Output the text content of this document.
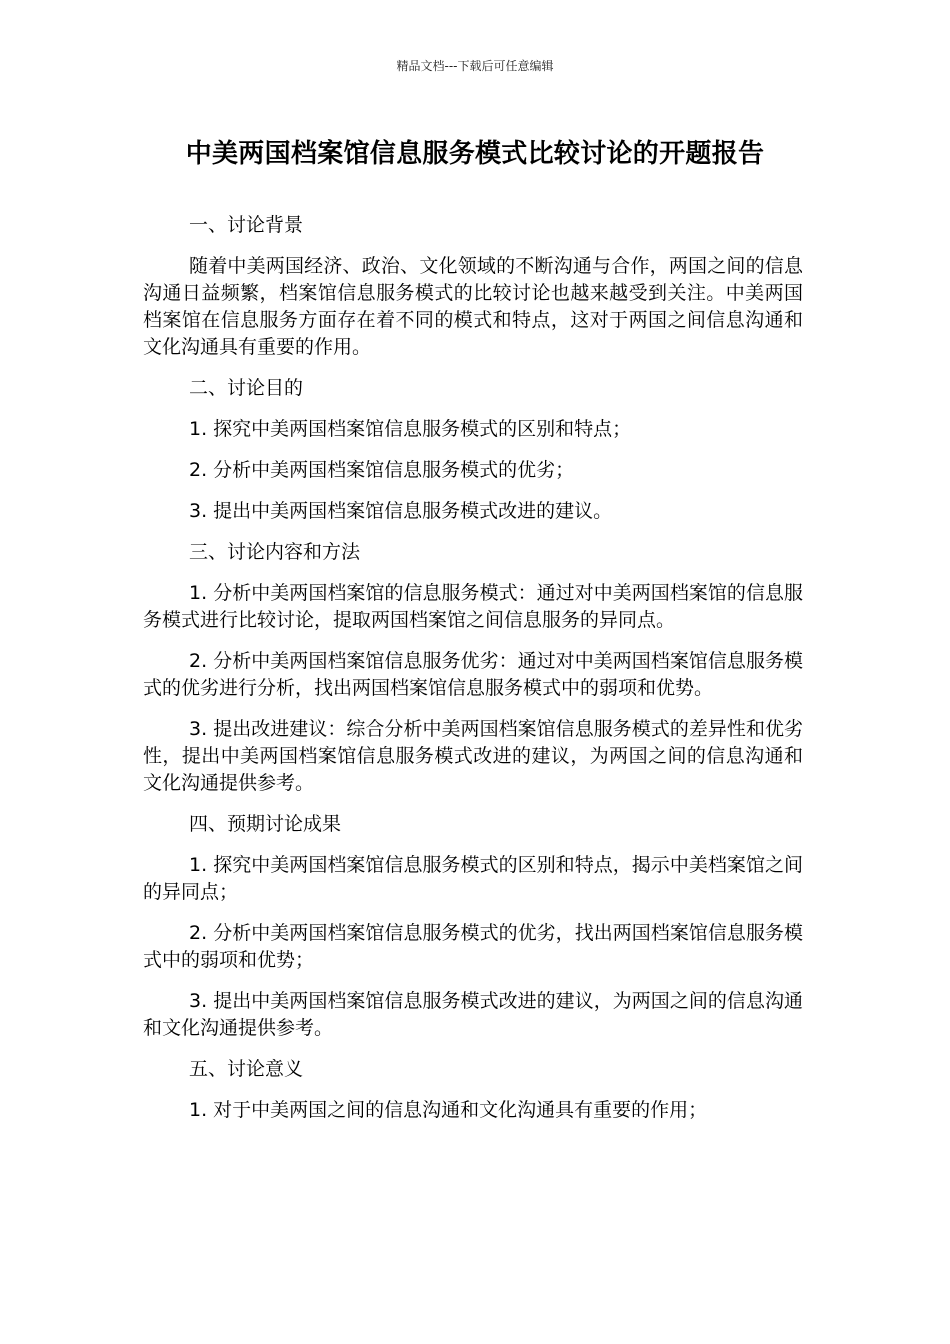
精品文档---下载后可任意编辑
中美两国档案馆信息服务模式比较讨论的开题报告

一、讨论背景

随着中美两国经济、政治、文化领域的不断沟通与合作，两国之间的信息沟通日益频繁，档案馆信息服务模式的比较讨论也越来越受到关注。中美两国档案馆在信息服务方面存在着不同的模式和特点，这对于两国之间信息沟通和文化沟通具有重要的作用。

二、讨论目的

1. 探究中美两国档案馆信息服务模式的区别和特点；

2. 分析中美两国档案馆信息服务模式的优劣；

3. 提出中美两国档案馆信息服务模式改进的建议。

三、讨论内容和方法

1. 分析中美两国档案馆的信息服务模式：通过对中美两国档案馆的信息服务模式进行比较讨论，提取两国档案馆之间信息服务的异同点。

2. 分析中美两国档案馆信息服务优劣：通过对中美两国档案馆信息服务模式的优劣进行分析，找出两国档案馆信息服务模式中的弱项和优势。

3. 提出改进建议：综合分析中美两国档案馆信息服务模式的差异性和优劣性，提出中美两国档案馆信息服务模式改进的建议，为两国之间的信息沟通和文化沟通提供参考。

四、预期讨论成果

1. 探究中美两国档案馆信息服务模式的区别和特点，揭示中美档案馆之间的异同点；

2. 分析中美两国档案馆信息服务模式的优劣，找出两国档案馆信息服务模式中的弱项和优势；

3. 提出中美两国档案馆信息服务模式改进的建议，为两国之间的信息沟通和文化沟通提供参考。

五、讨论意义

1. 对于中美两国之间的信息沟通和文化沟通具有重要的作用；
